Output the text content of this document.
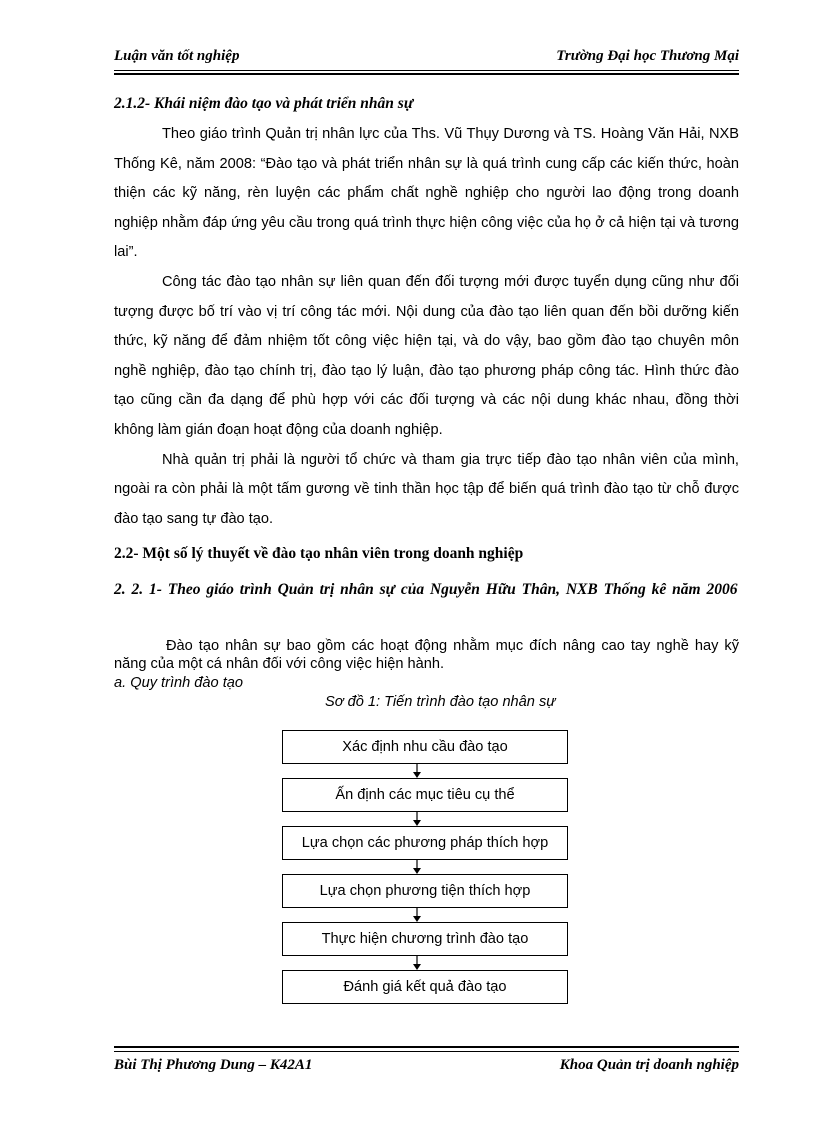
Luận văn tốt nghiệp	Trường Đại học Thương Mại
2.1.2- Khái niệm đào tạo và phát triển nhân sự

Theo giáo trình Quản trị nhân lực của Ths. Vũ Thụy Dương và TS. Hoàng Văn Hải, NXB Thống Kê, năm 2008: “Đào tạo và phát triển nhân sự là quá trình cung cấp các kiến thức, hoàn thiện các kỹ năng, rèn luyện các phẩm chất nghề nghiệp cho người lao động trong doanh nghiệp nhằm đáp ứng yêu cầu trong quá trình thực hiện công việc của họ ở cả hiện tại và tương lai”.

Công tác đào tạo nhân sự liên quan đến đối tượng mới được tuyển dụng cũng như đối tượng được bố trí vào vị trí công tác mới. Nội dung của đào tạo liên quan đến bồi dưỡng kiến thức, kỹ năng để đảm nhiệm tốt công việc hiện tại, và do vậy, bao gồm đào tạo chuyên môn nghề nghiệp, đào tạo chính trị, đào tạo lý luận, đào tạo phương pháp công tác. Hình thức đào tạo cũng cần đa dạng để phù hợp với các đối tượng và các nội dung khác nhau, đồng thời không làm gián đoạn hoạt động của doanh nghiệp.

Nhà quản trị phải là người tổ chức và tham gia trực tiếp đào tạo nhân viên của mình, ngoài ra còn phải là một tấm gương về tinh thần học tập để biến quá trình đào tạo từ chỗ được đào tạo sang tự đào tạo.

2.2- Một số lý thuyết về đào tạo nhân viên trong doanh nghiệp
2. 2. 1- Theo giáo trình Quản trị nhân sự của Nguyễn Hữu Thân, NXB Thống kê năm 2006

Đào tạo nhân sự bao gồm các hoạt động nhằm mục đích nâng cao tay nghề hay kỹ năng của một cá nhân đối với công việc hiện hành.

a. Quy trình đào tạo
Sơ đồ 1: Tiến trình đào tạo nhân sự
Xác định nhu cầu đào tạo
Ấn định các mục tiêu cụ thể
Lựa chọn các phương pháp thích hợp
Lựa chọn phương tiện thích hợp
Thực hiện chương trình đào tạo
Đánh giá kết quả đào tạo
Bùi Thị Phương Dung – K42A1	Khoa Quản trị doanh nghiệp
